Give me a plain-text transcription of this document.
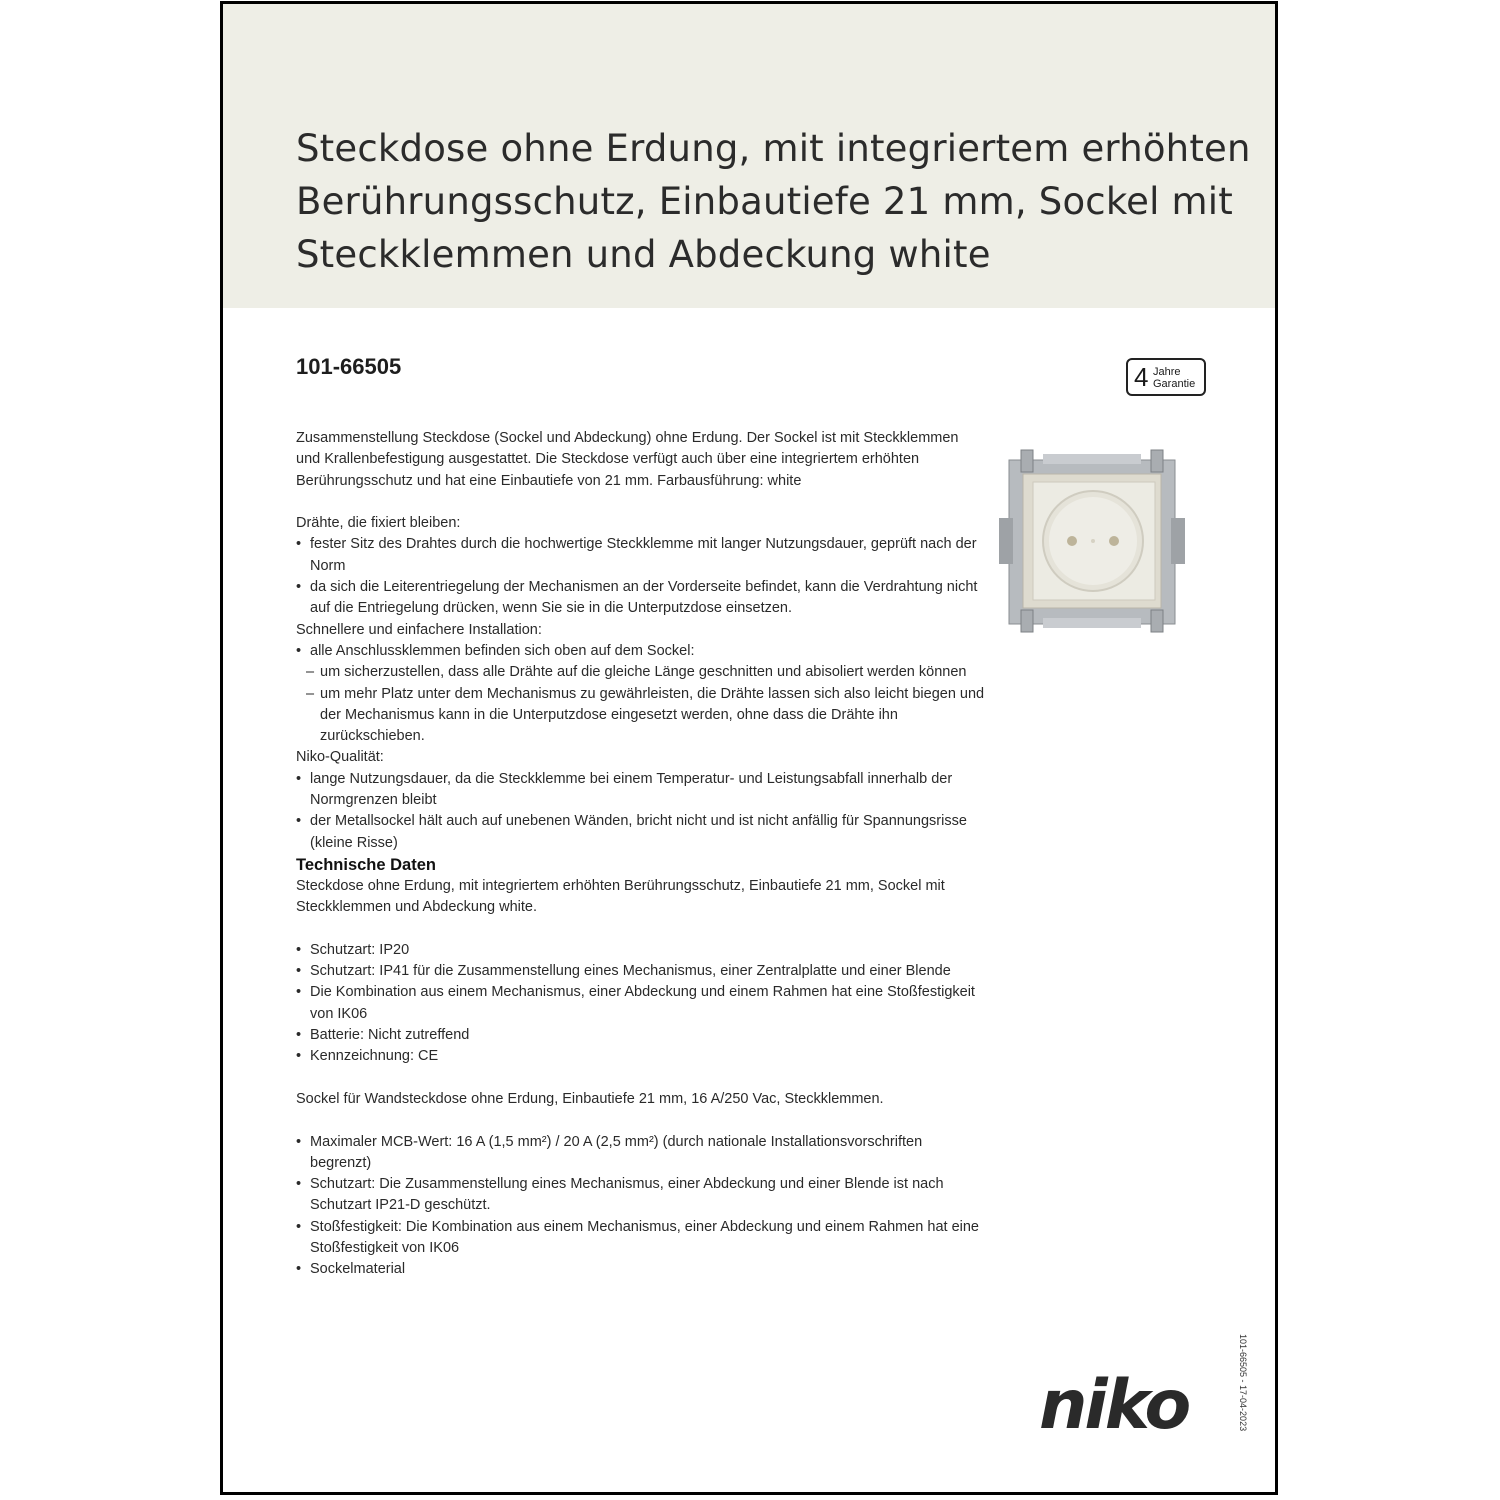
Steckdose ohne Erdung, mit integriertem erhöhten
Berührungsschutz, Einbautiefe 21 mm, Sockel mit
Steckklemmen und Abdeckung white
101-66505	4 Jahre
Garantie

Zusammenstellung Steckdose (Sockel und Abdeckung) ohne Erdung. Der Sockel ist mit Steckklemmen und Krallenbefestigung ausgestattet. Die Steckdose verfügt auch über eine integriertem erhöhten Berührungsschutz und hat eine Einbautiefe von 21 mm. Farbausführung: white

Drähte, die fixiert bleiben:

• fester Sitz des Drahtes durch die hochwertige Steckklemme mit langer Nutzungsdauer, geprüft nach der Norm

• da sich die Leiterentriegelung der Mechanismen an der Vorderseite befindet, kann die Verdrahtung nicht auf die Entriegelung drücken, wenn Sie sie in die Unterputzdose einsetzen.

Schnellere und einfachere Installation:

• alle Anschlussklemmen befinden sich oben auf dem Sockel:

– um sicherzustellen, dass alle Drähte auf die gleiche Länge geschnitten und abisoliert werden können

– um mehr Platz unter dem Mechanismus zu gewährleisten, die Drähte lassen sich also leicht biegen und der Mechanismus kann in die Unterputzdose eingesetzt werden, ohne dass die Drähte ihn zurückschieben.

Niko-Qualität:

• lange Nutzungsdauer, da die Steckklemme bei einem Temperatur- und Leistungsabfall innerhalb der Normgrenzen bleibt

• der Metallsockel hält auch auf unebenen Wänden, bricht nicht und ist nicht anfällig für Spannungsrisse (kleine Risse)

Technische Daten

Steckdose ohne Erdung, mit integriertem erhöhten Berührungsschutz, Einbautiefe 21 mm, Sockel mit Steckklemmen und Abdeckung white.

• Schutzart: IP20

• Schutzart: IP41 für die Zusammenstellung eines Mechanismus, einer Zentralplatte und einer Blende

• Die Kombination aus einem Mechanismus, einer Abdeckung und einem Rahmen hat eine Stoßfestigkeit von IK06

• Batterie: Nicht zutreffend

• Kennzeichnung: CE

Sockel für Wandsteckdose ohne Erdung, Einbautiefe 21 mm, 16 A/250 Vac, Steckklemmen.

• Maximaler MCB-Wert: 16 A (1,5 mm²) / 20 A (2,5 mm²) (durch nationale Installationsvorschriften begrenzt)

• Schutzart: Die Zusammenstellung eines Mechanismus, einer Abdeckung und einer Blende ist nach Schutzart IP21-D geschützt.

• Stoßfestigkeit: Die Kombination aus einem Mechanismus, einer Abdeckung und einem Rahmen hat eine Stoßfestigkeit von IK06

• Sockelmaterial

101-66505 - 17-04-2023
niko
